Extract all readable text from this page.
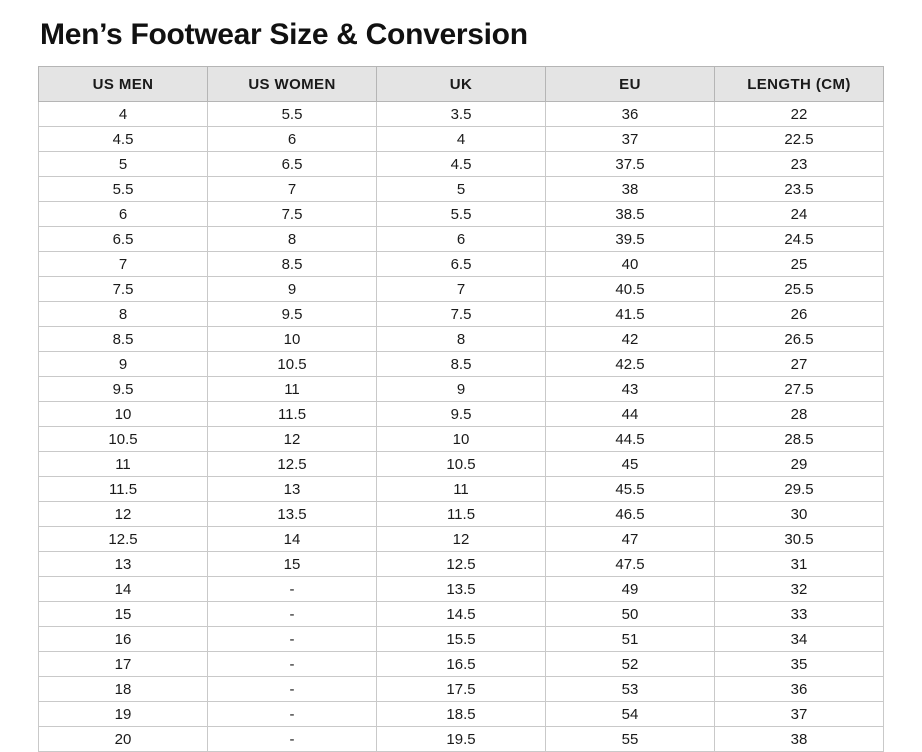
Men’s Footwear Size & Conversion
US MEN	US WOMEN	UK	EU	LENGTH (CM)
4	5.5	3.5	36	22
4.5	6	4	37	22.5
5	6.5	4.5	37.5	23
5.5	7	5	38	23.5
6	7.5	5.5	38.5	24
6.5	8	6	39.5	24.5
7	8.5	6.5	40	25
7.5	9	7	40.5	25.5
8	9.5	7.5	41.5	26
8.5	10	8	42	26.5
9	10.5	8.5	42.5	27
9.5	11	9	43	27.5
10	11.5	9.5	44	28
10.5	12	10	44.5	28.5
11	12.5	10.5	45	29
11.5	13	11	45.5	29.5
12	13.5	11.5	46.5	30
12.5	14	12	47	30.5
13	15	12.5	47.5	31
14	-	13.5	49	32
15	-	14.5	50	33
16	-	15.5	51	34
17	-	16.5	52	35
18	-	17.5	53	36
19	-	18.5	54	37
20	-	19.5	55	38
